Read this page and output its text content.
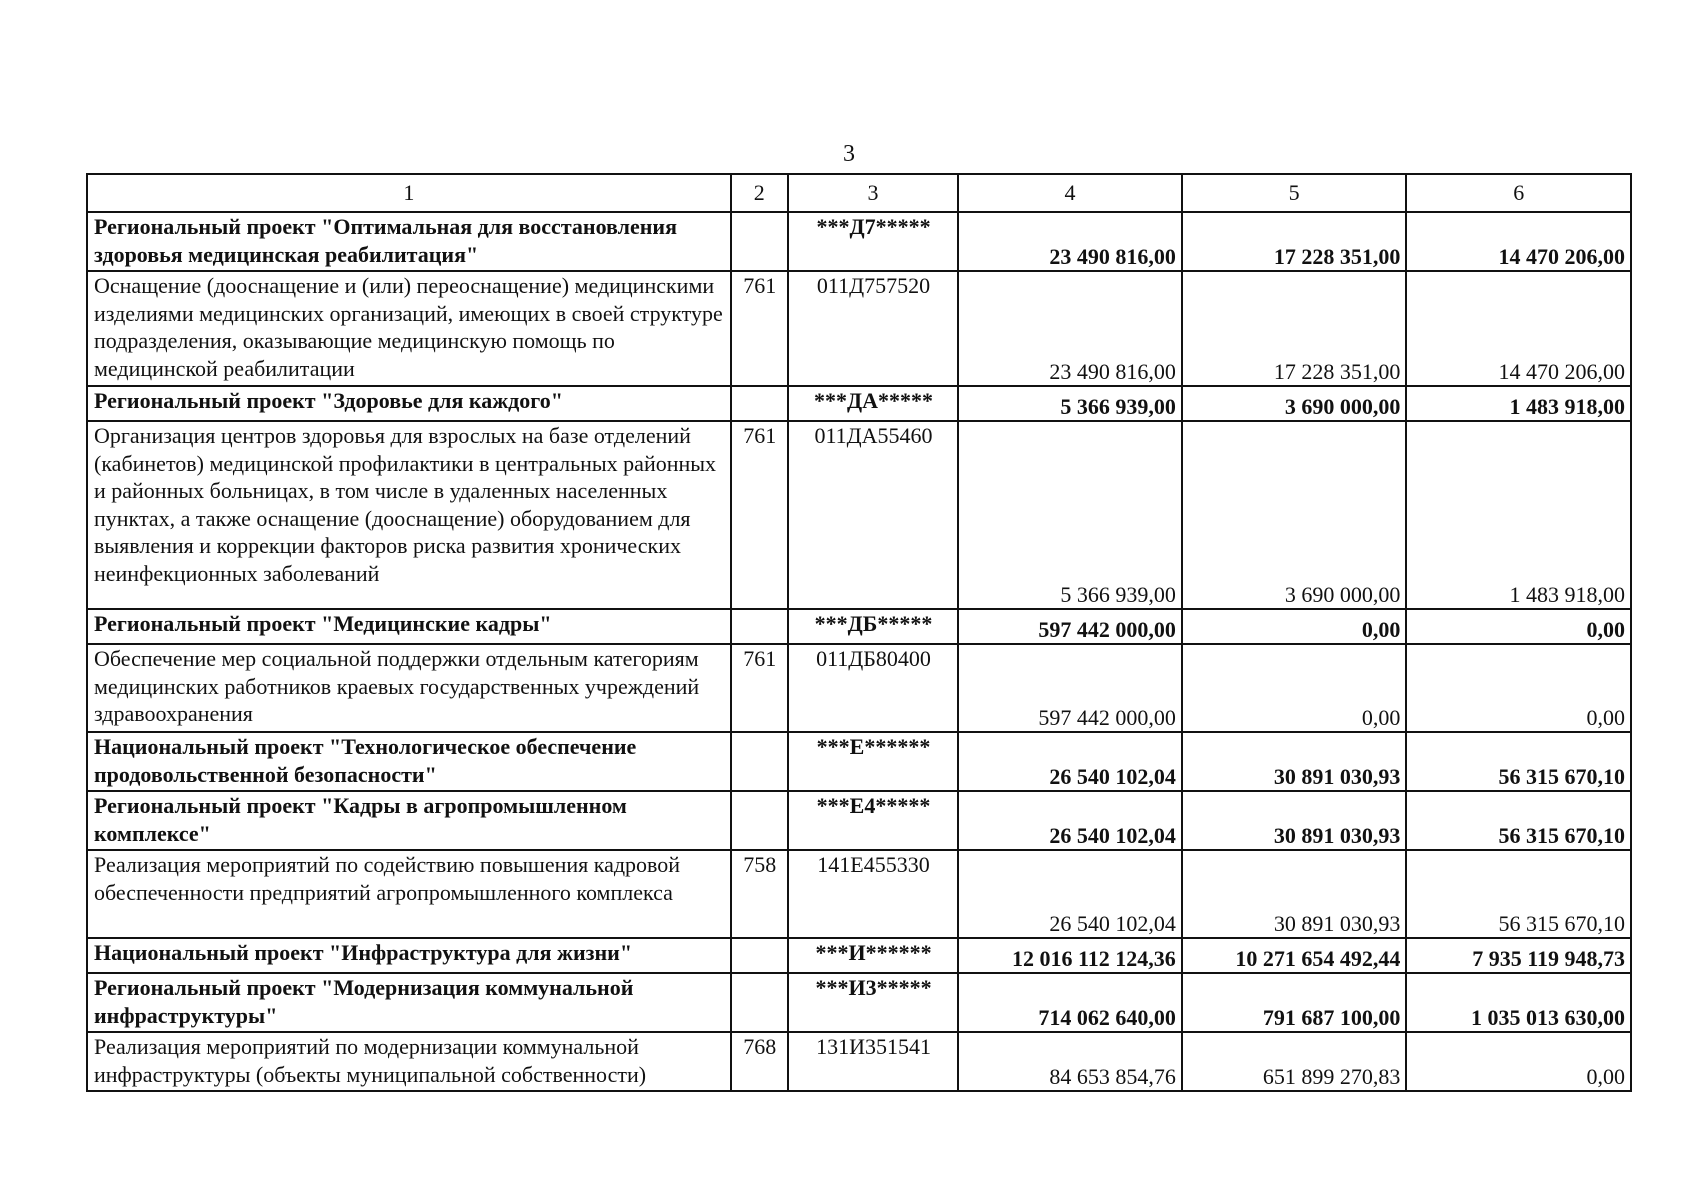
3
1	2	3	4	5	6
Региональный проект "Оптимальная для восстановления здоровья медицинская реабилитация"		***Д7*****	23 490 816,00	17 228 351,00	14 470 206,00
Оснащение (дооснащение и (или) переоснащение) медицинскими изделиями медицинских организаций, имеющих в своей структуре подразделения, оказывающие медицинскую помощь по медицинской реабилитации	761	011Д757520	23 490 816,00	17 228 351,00	14 470 206,00
Региональный проект "Здоровье для каждого"		***ДА*****	5 366 939,00	3 690 000,00	1 483 918,00
Организация центров здоровья для взрослых на базе отделений (кабинетов) медицинской профилактики в центральных районных и районных больницах, в том числе в удаленных населенных пунктах, а также оснащение (дооснащение) оборудованием для выявления и коррекции факторов риска развития хронических неинфекционных заболеваний	761	011ДА55460	5 366 939,00	3 690 000,00	1 483 918,00
Региональный проект "Медицинские кадры"		***ДБ*****	597 442 000,00	0,00	0,00
Обеспечение мер социальной поддержки отдельным категориям медицинских работников краевых государственных учреждений здравоохранения	761	011ДБ80400	597 442 000,00	0,00	0,00
Национальный проект "Технологическое обеспечение продовольственной безопасности"		***Е******	26 540 102,04	30 891 030,93	56 315 670,10
Региональный проект "Кадры в агропромышленном комплексе"		***Е4*****	26 540 102,04	30 891 030,93	56 315 670,10
Реализация мероприятий по содействию повышения кадровой обеспеченности предприятий агропромышленного комплекса	758	141Е455330	26 540 102,04	30 891 030,93	56 315 670,10
Национальный проект "Инфраструктура для жизни"		***И******	12 016 112 124,36	10 271 654 492,44	7 935 119 948,73
Региональный проект "Модернизация коммунальной инфраструктуры"		***И3*****	714 062 640,00	791 687 100,00	1 035 013 630,00
Реализация мероприятий по модернизации коммунальной инфраструктуры (объекты муниципальной собственности)	768	131И351541	84 653 854,76	651 899 270,83	0,00
